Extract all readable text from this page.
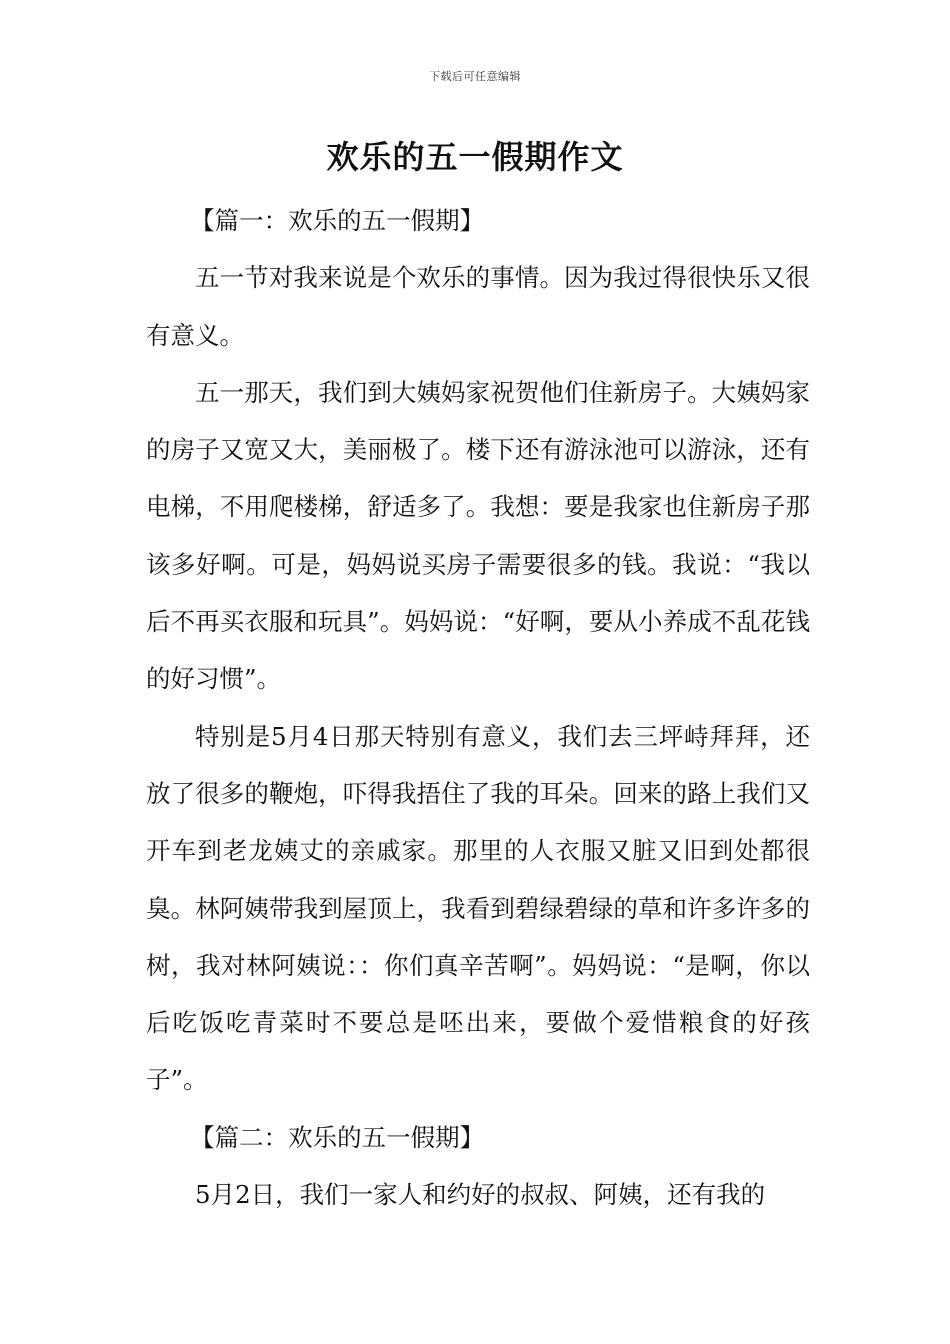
下载后可任意编辑
欢乐的五一假期作文

【篇一：欢乐的五一假期】

五一节对我来说是个欢乐的事情。因为我过得很快乐又很有意义。

五一那天，我们到大姨妈家祝贺他们住新房子。大姨妈家的房子又宽又大，美丽极了。楼下还有游泳池可以游泳，还有电梯，不用爬楼梯，舒适多了。我想：要是我家也住新房子那该多好啊。可是，妈妈说买房子需要很多的钱。我说：“我以后不再买衣服和玩具”。妈妈说：“好啊，要从小养成不乱花钱的好习惯”。

特别是5月4日那天特别有意义，我们去三坪峙拜拜，还放了很多的鞭炮，吓得我捂住了我的耳朵。回来的路上我们又开车到老龙姨丈的亲戚家。那里的人衣服又脏又旧到处都很臭。林阿姨带我到屋顶上，我看到碧绿碧绿的草和许多许多的树，我对林阿姨说：：你们真辛苦啊”。妈妈说：“是啊，你以后吃饭吃青菜时不要总是呸出来，要做个爱惜粮食的好孩子”。

【篇二：欢乐的五一假期】

5月2日，我们一家人和约好的叔叔、阿姨，还有我的
